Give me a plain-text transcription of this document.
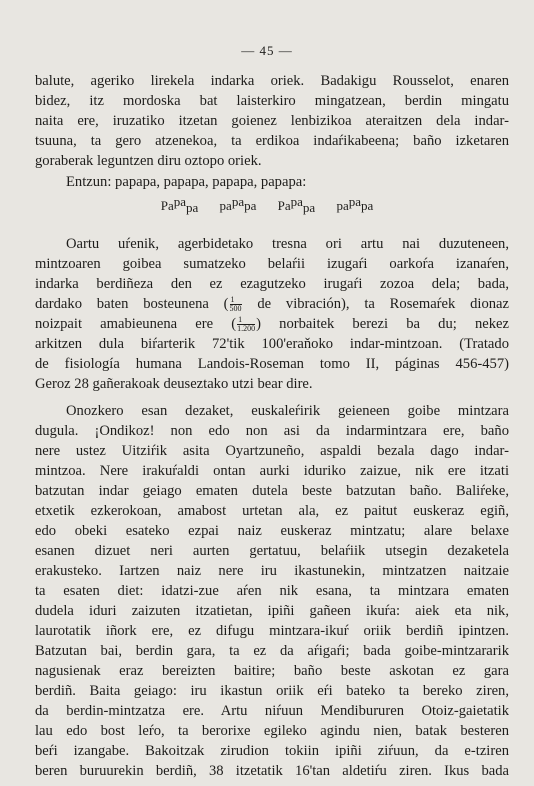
— 45 —
balute, ageriko lirekela indarka oriek. Badakigu Rousselot, enaren
bidez, itz mordoska bat laisterkiro mingatzean, berdin mingatu
naita ere, iruzatiko itzetan goienez lenbizikoa ateraitzen dela indar-
tsuuna, ta gero atzenekoa, ta erdikoa indaŕikabeena; baño izketaren
goraberak leguntzen diru oztopo oriek.
Entzun: papapa, papapa, papapa, papapa:
Papapa papapa Papapa papapa
Oartu uŕenik, agerbidetako tresna ori artu nai duzuteneen,
mintzoaren goibea sumatzeko belaŕii izugaŕi oarkoŕa izanaŕen,
indarka berdiñeza den ez ezagutzeko irugaŕi zozoa dela; bada,
dardako baten bosteunena ( $\frac{1}{500}$ de vibración), ta Rosemaŕek dionaz
noizpait amabieunena ere ( $\frac{1}{1.200}$ ) norbaitek berezi ba du; nekez
arkitzen dula biŕarterik 72'tik 100'eraňoko indar-mintzoan. (Tratado
de fisiología humana Landois-Roseman tomo II, páginas 456-457)
Geroz 28 gañerakoak deuseztako utzi bear dire.
Onozkero esan dezaket, euskaleŕirik geieneen goibe mintzara
dugula. ¡Ondikoz! non edo non asi da indarmintzara ere, baño
nere ustez Uitziŕik asita Oyartzuneño, aspaldi bezala dago indar-
mintzoa. Nere irakuŕaldi ontan aurki iduriko zaizue, nik ere itzati
batzutan indar geiago ematen dutela beste batzutan baño. Baliŕeke,
etxetik ezkerokoan, amabost urtetan ala, ez paitut euskeraz egiñ,
edo obeki esateko ezpai naiz euskeraz mintzatu; alare belaxe
esanen dizuet neri aurten gertatuu, belaŕiik utsegin dezaketela
erakusteko. Iartzen naiz nere iru ikastunekin, mintzatzen naitzaie
ta esaten diet: idatzi-zue aŕen nik esana, ta mintzara ematen
dudela iduri zaizuten itzatietan, ipiñi gañeen ikuŕa: aiek eta nik,
laurotatik iñork ere, ez difugu mintzara-ikuŕ oriik berdiñ ipintzen.
Batzutan bai, berdin gara, ta ez da aŕigaŕi; bada goibe-mintzararik
nagusienak eraz bereizten baitire; baño beste askotan ez gara
berdiñ. Baita geiago: iru ikastun oriik eŕi bateko ta bereko ziren,
da berdin-mintzatza ere. Artu niŕuun Mendibururen Otoiz-gaietatik
lau edo bost leŕo, ta berorixe egileko agindu nien, batak besteren
beŕi izangabe. Bakoitzak zirudion tokiin ipiñi ziŕuun, da e-tziren
beren buruurekin berdiñ, 38 itzetatik 16'tan aldetiŕu ziren. Ikus bada
